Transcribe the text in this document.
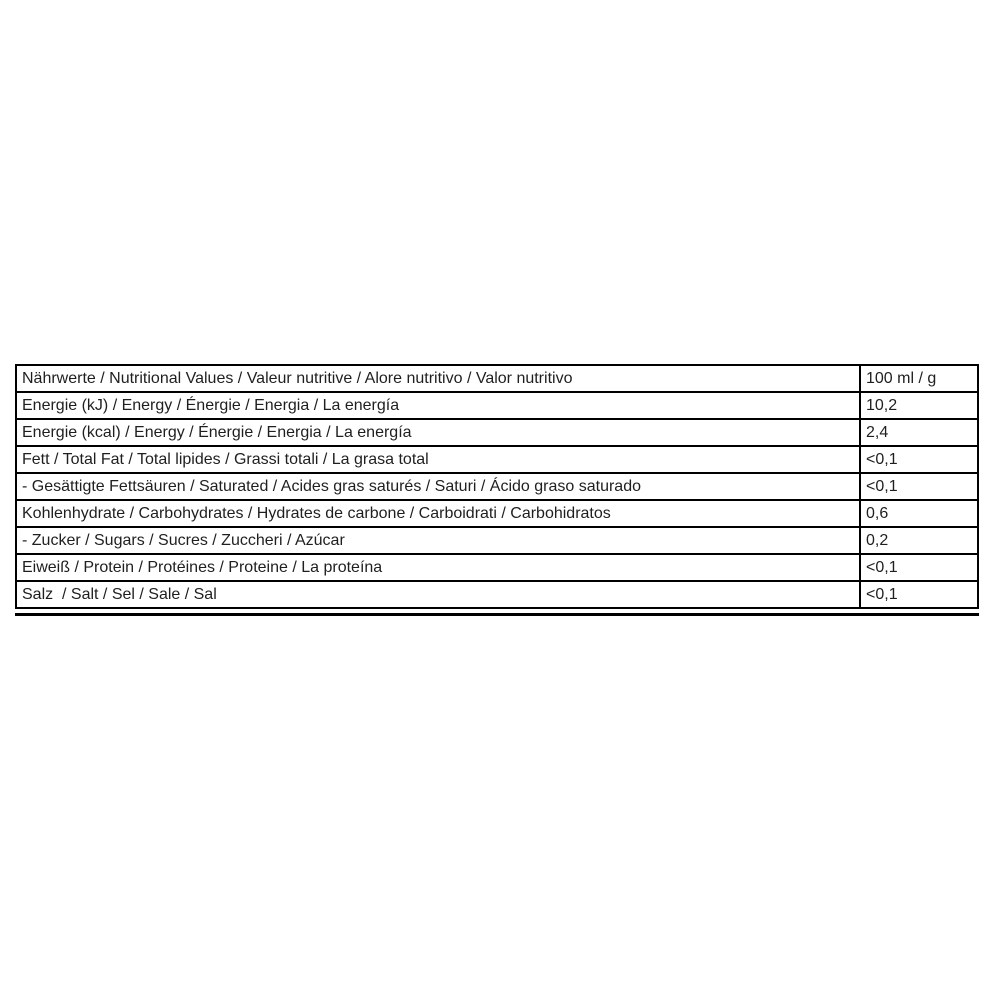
Nährwerte / Nutritional Values / Valeur nutritive / Alore nutritivo / Valor nutritivo	100 ml / g
Energie (kJ) / Energy / Énergie / Energia / La energía	10,2
Energie (kcal) / Energy / Énergie / Energia / La energía	2,4
Fett / Total Fat / Total lipides / Grassi totali / La grasa total	<0,1
- Gesättigte Fettsäuren / Saturated / Acides gras saturés / Saturi / Ácido graso saturado	<0,1
Kohlenhydrate / Carbohydrates / Hydrates de carbone / Carboidrati / Carbohidratos	0,6
- Zucker / Sugars / Sucres / Zuccheri / Azúcar	0,2
Eiweiß / Protein / Protéines / Proteine / La proteína	<0,1
Salz  / Salt / Sel / Sale / Sal	<0,1
